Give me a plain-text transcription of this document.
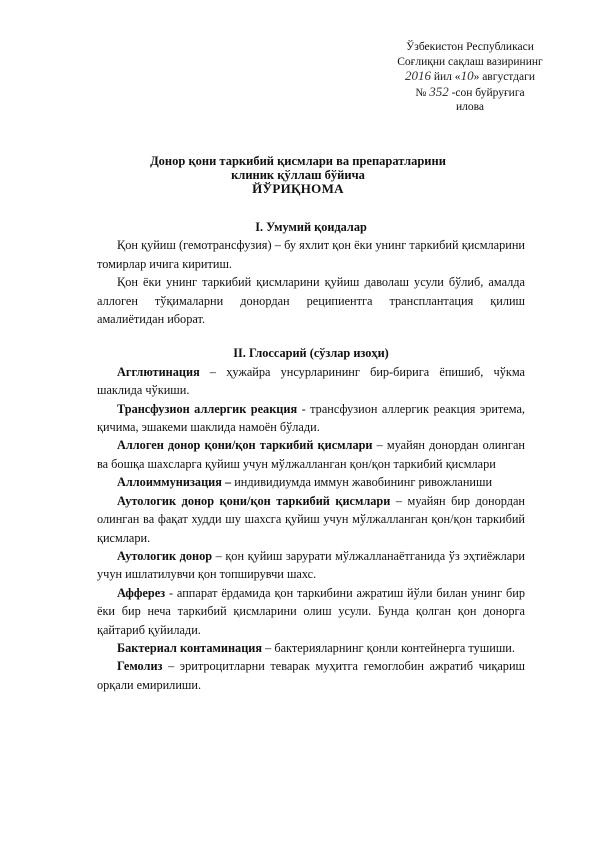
Ўзбекистон Республикаси
Соғлиқни сақлаш вазирининг
2016 йил «10» августдаги
№ 352 -сон буйруғига
илова
Донор қони таркибий қисмлари ва препаратларини
клиник қўллаш бўйича
ЙЎРИҚНОМА

I. Умумий қоидалар

Қон қуйиш (гемотрансфузия) – бу яхлит қон ёки унинг таркибий қисмларини томирлар ичига киритиш.

Қон ёки унинг таркибий қисмларини қуйиш даволаш усули бўлиб, амалда аллоген тўқималарни донордан реципиентга трансплантация қилиш амалиётидан иборат.

II. Глоссарий (сўзлар изоҳи)

Агглютинация – ҳужайра унсурларининг бир-бирига ёпишиб, чўкма шаклида чўкиши.

Трансфузион аллергик реакция - трансфузион аллергик реакция эритема, қичима, эшакеми шаклида намоён бўлади.

Аллоген донор қони/қон таркибий қисмлари – муайян донордан олинган ва бошқа шахсларга қуйиш учун мўлжалланган қон/қон таркибий қисмлари

Аллоиммунизация – индивидиумда иммун жавобининг ривожланиши

Аутологик донор қони/қон таркибий қисмлари – муайян бир донордан олинган ва фақат худди шу шахсга қуйиш учун мўлжалланган қон/қон таркибий қисмлари.

Аутологик донор – қон қуйиш зарурати мўлжалланаётганида ўз эҳтиёжлари учун ишлатилувчи қон топширувчи шахс.

Афферез - аппарат ёрдамида қон таркибини ажратиш йўли билан унинг бир ёки бир неча таркибий қисмларини олиш усули. Бунда қолган қон донорга қайтариб қуйилади.

Бактериал контаминация – бактерияларнинг қонли контейнерга тушиши.

Гемолиз – эритроцитларни теварак муҳитга гемоглобин ажратиб чиқариш орқали емирилиши.
